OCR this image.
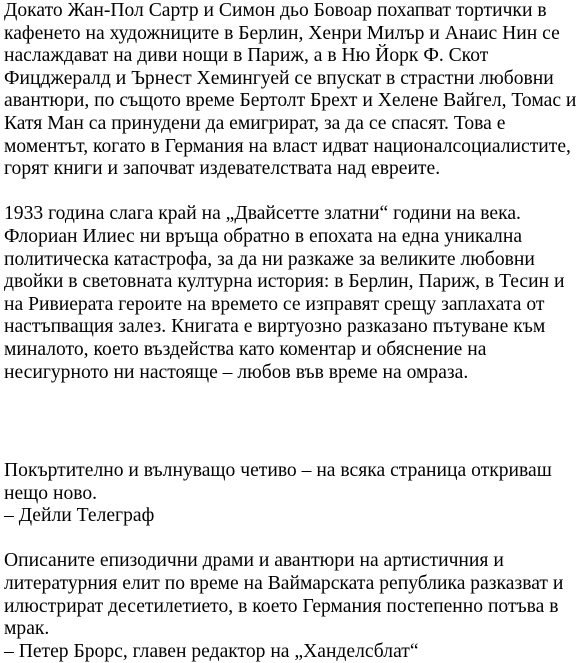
Докато Жан-Пол Сартр и Симон дьо Бовоар похапват тортички в
кафенето на художниците в Берлин, Хенри Милър и Анаис Нин се
наслаждават на диви нощи в Париж, а в Ню Йорк Ф. Скот
Фицджералд и Ърнест Хемингуей се впускат в страстни любовни
авантюри, по същото време Бертолт Брехт и Хелене Вайгел, Томас и
Катя Ман са принудени да емигрират, за да се спасят. Това е
моментът, когато в Германия на власт идват националсоциалистите,
горят книги и започват издевателствата над евреите.
1933 година слага край на „Двайсетте златни“ години на века.
Флориан Илиес ни връща обратно в епохата на една уникална
политическа катастрофа, за да ни разкаже за великите любовни
двойки в световната културна история: в Берлин, Париж, в Тесин и
на Ривиерата героите на времето се изправят срещу заплахата от
настъпващия залез. Книгата е виртуозно разказано пътуване към
миналото, което въздейства като коментар и обяснение на
несигурното ни настояще – любов във време на омраза.
Покъртително и вълнуващо четиво – на всяка страница откриваш
нещо ново.
– Дейли Телеграф
Описаните епизодични драми и авантюри на артистичния и
литературния елит по време на Ваймарската република разказват и
илюстрират десетилетието, в което Германия постепенно потъва в
мрак.
– Петер Брорс, главен редактор на „Ханделсблат“
